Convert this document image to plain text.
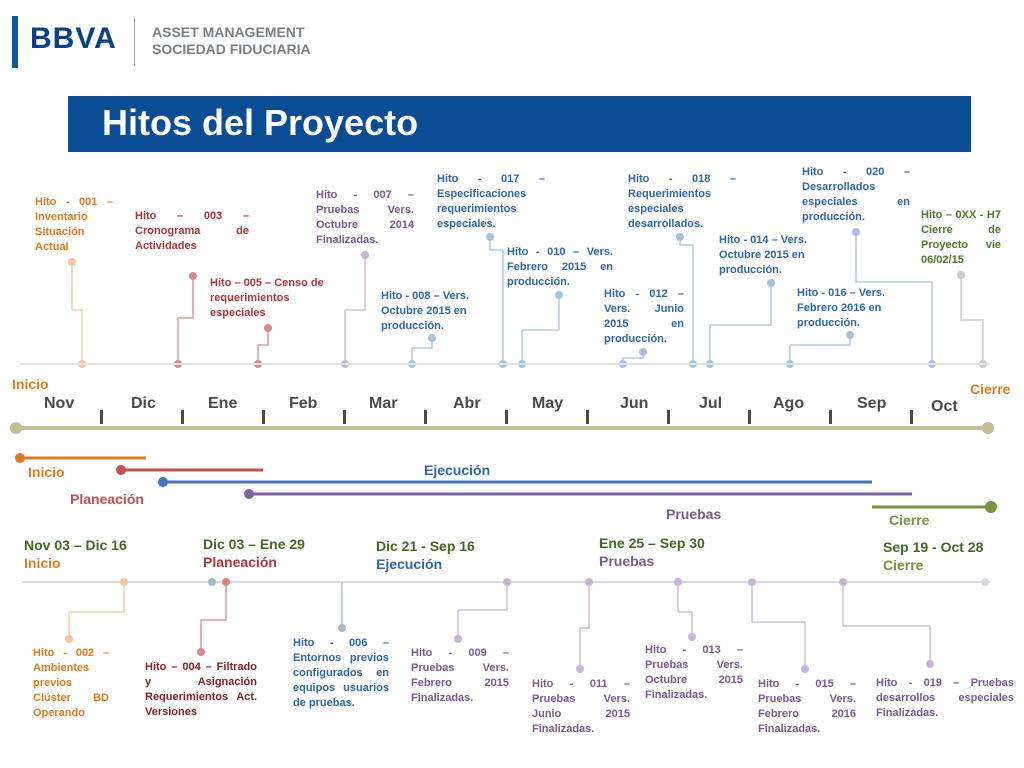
BBVA	ASSET MANAGEMENT
SOCIEDAD FIDUCIARIA
Hitos del Proyecto
Hito - 001 – Inventario Situación Actual
Hito – 003 – Cronograma de Actividades
Hito – 005 – Censo de requerimientos especiales
Hito - 007 – Pruebas Vers. Octubre 2014 Finalizadas.
Hito - 008 – Vers. Octubre 2015 en producción.
Hito - 017 – Especificaciones requerimientos especiales.
Hito - 010 – Vers. Febrero 2015 en producción.
Hito - 012 – Vers. Junio 2015 en producción.
Hito - 018 – Requerimientos especiales desarrollados.
Hito - 014 – Vers. Octubre 2015 en producción.
Hito - 016 – Vers. Febrero 2016 en producción.
Hito - 020 – Desarrollados especiales en producción.	Hito – 0XX - H7 Cierre de Proyecto vie 06/02/15
Inicio	Cierre
Nov	Dic	Ene	Feb	Mar	Abr	May	Jun	Jul	Ago	Sep	Oct
Inicio
Planeación
Ejecución
Pruebas	Cierre
Nov 03 – Dic 16
Inicio
Dic 03 – Ene 29
Planeación
Dic 21 - Sep 16
Ejecución
Ene 25 – Sep 30
Pruebas
Sep 19 - Oct 28
Cierre
Hito - 002 – Ambientes previos Clúster BD Operando
Hito – 004 – Filtrado y Asignación Requerimientos Act. Versiones
Hito - 006 – Entornos previos configurados en equipos usuarios de pruebas.
Hito - 009 – Pruebas Vers. Febrero 2015 Finalizadas.
Hito - 011 – Pruebas Vers. Junio 2015 Finalizadas.
Hito - 013 – Pruebas Vers. Octubre 2015 Finalizadas.
Hito - 015 – Pruebas Vers. Febrero 2016 Finalizadas.
Hito - 019 – Pruebas desarrollos especiales Finalizadas.
